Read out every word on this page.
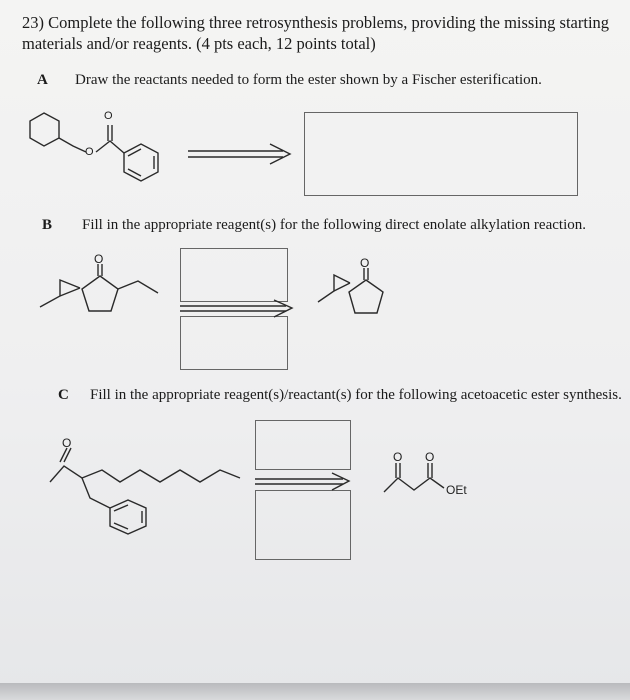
23) Complete the following three retrosynthesis problems, providing the missing starting
materials and/or reagents. (4 pts each, 12 points total)
A Draw the reactants needed to form the ester shown by a Fischer esterification.
B Fill in the appropriate reagent(s) for the following direct enolate alkylation reaction.
C Fill in the appropriate reagent(s)/reactant(s) for the following acetoacetic ester synthesis.
O
O
O	O
O
O O
OEt
